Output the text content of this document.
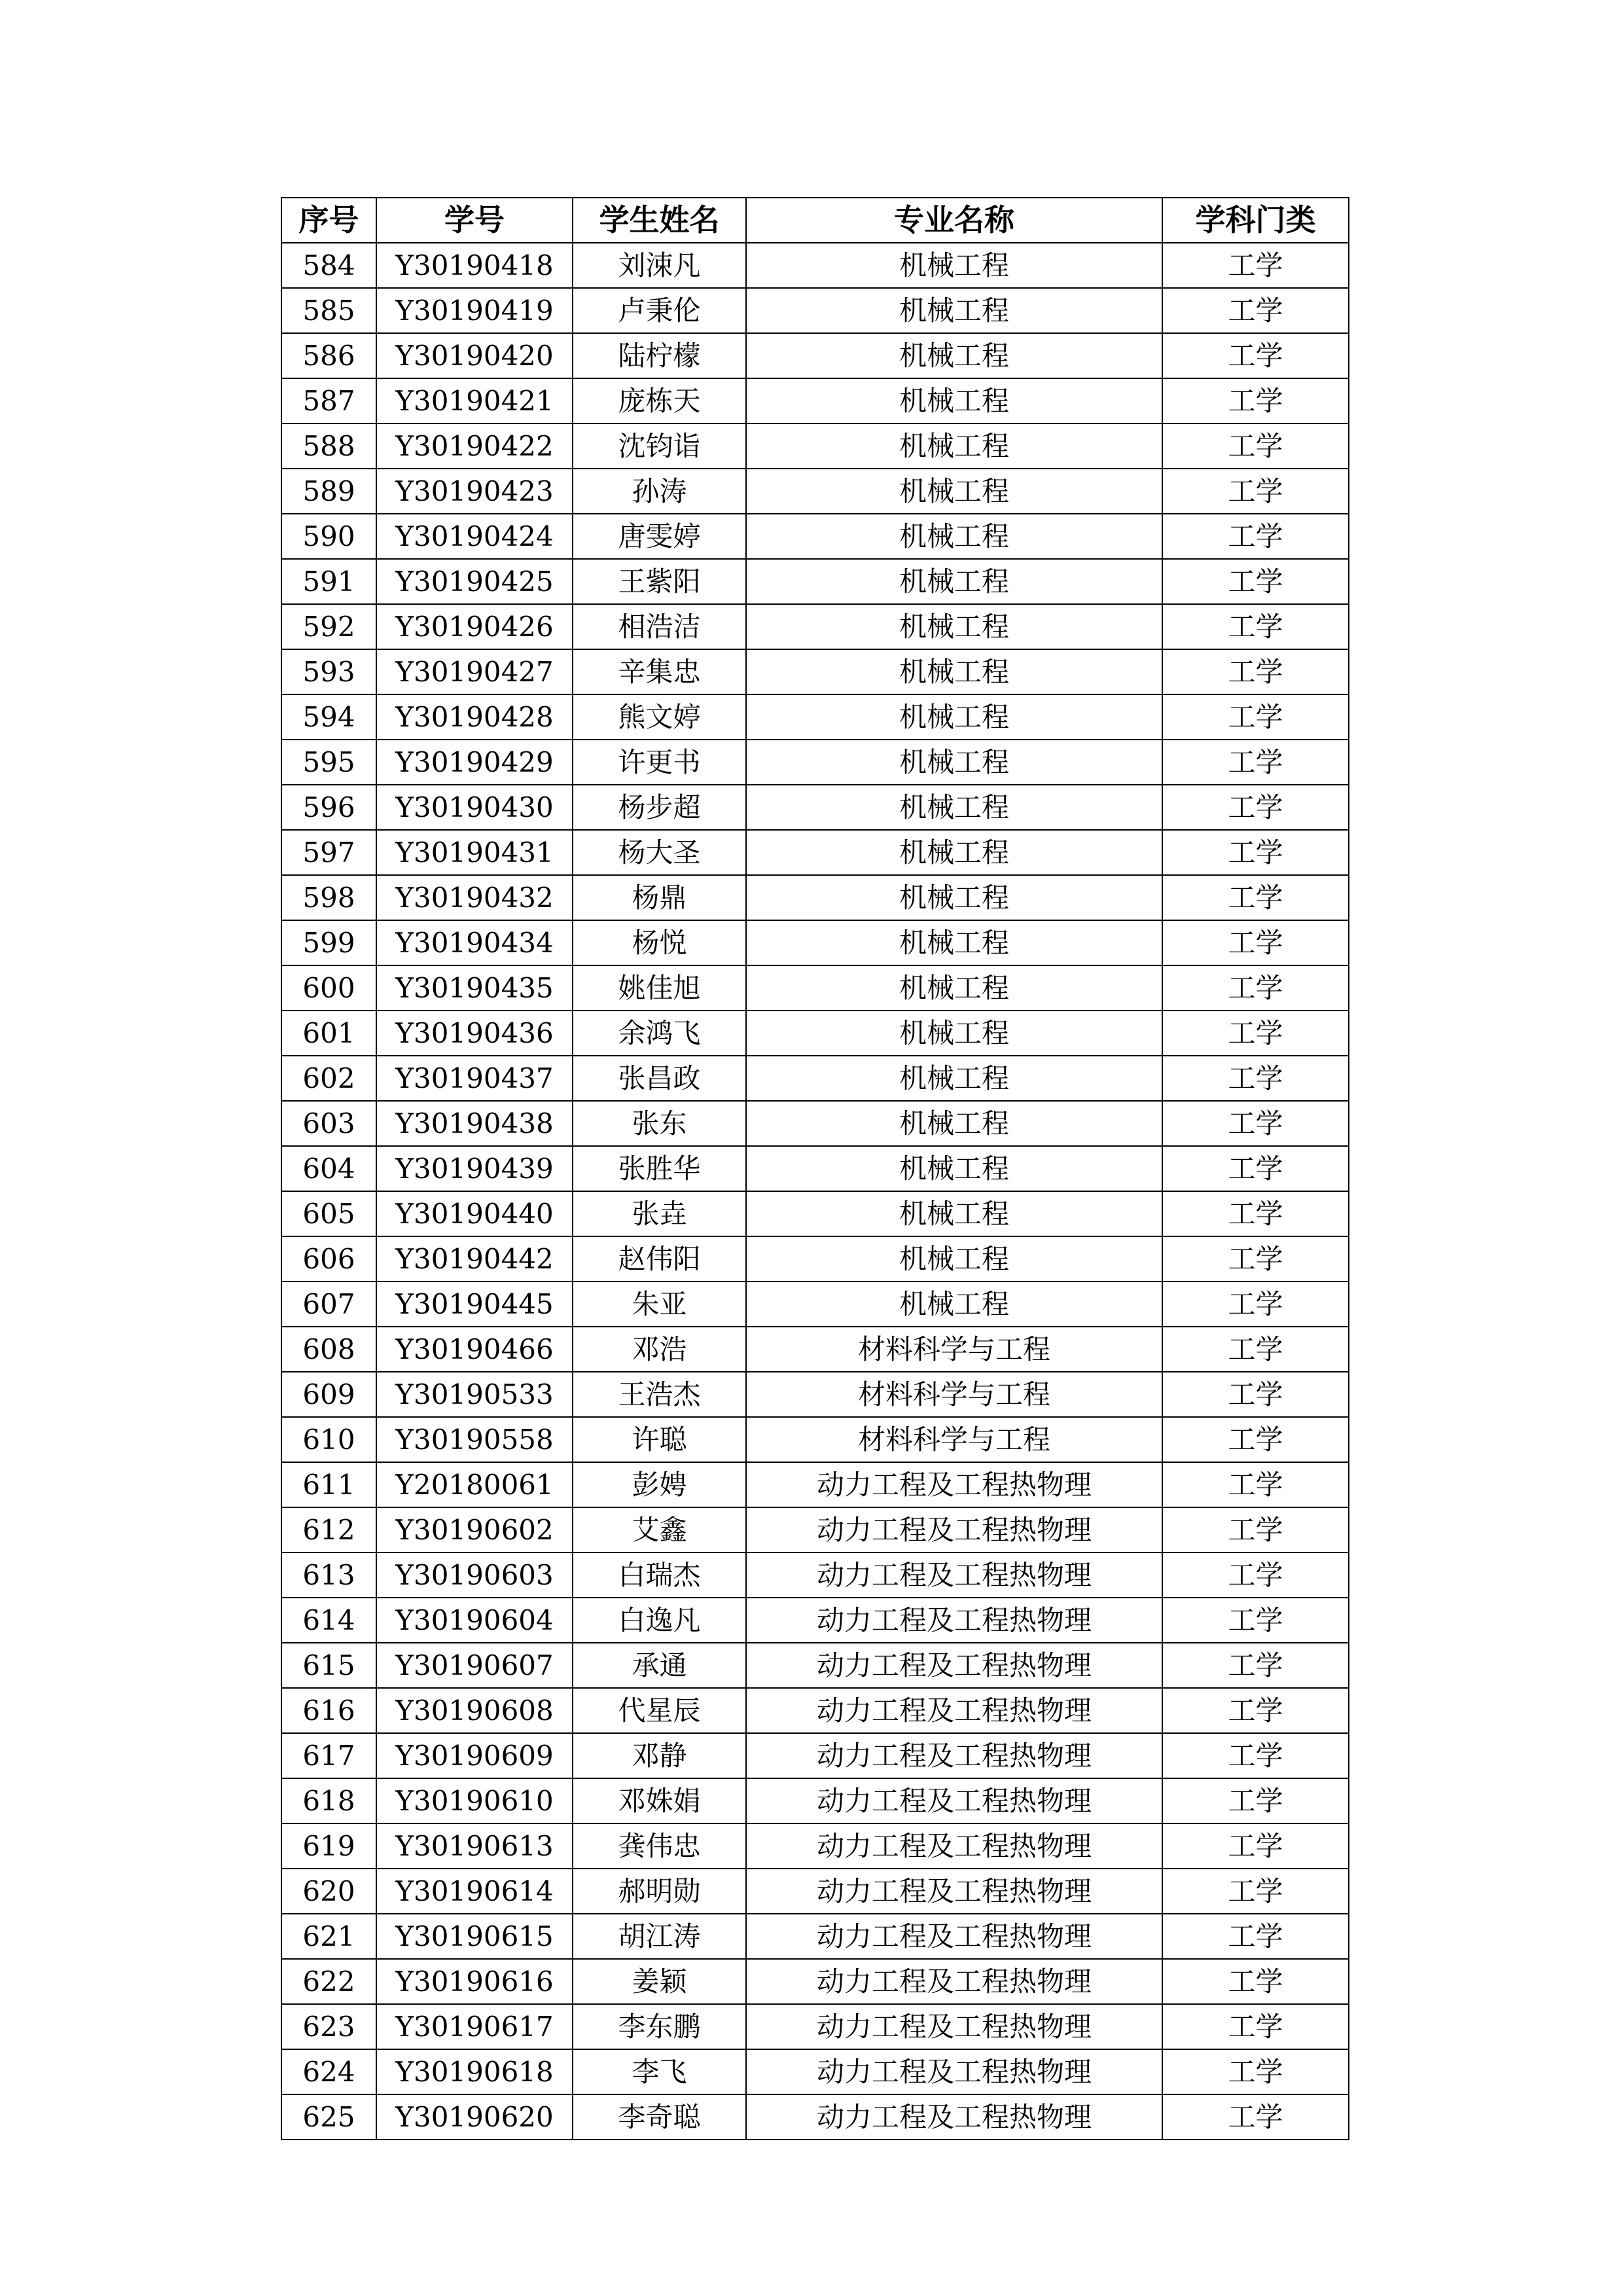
序号	学号	学生姓名	专业名称	学科门类
584	Y30190418	刘涑凡	机械工程	工学
585	Y30190419	卢秉伦	机械工程	工学
586	Y30190420	陆柠檬	机械工程	工学
587	Y30190421	庞栋天	机械工程	工学
588	Y30190422	沈钧诣	机械工程	工学
589	Y30190423	孙涛	机械工程	工学
590	Y30190424	唐雯婷	机械工程	工学
591	Y30190425	王紫阳	机械工程	工学
592	Y30190426	相浩洁	机械工程	工学
593	Y30190427	辛集忠	机械工程	工学
594	Y30190428	熊文婷	机械工程	工学
595	Y30190429	许更书	机械工程	工学
596	Y30190430	杨步超	机械工程	工学
597	Y30190431	杨大圣	机械工程	工学
598	Y30190432	杨鼎	机械工程	工学
599	Y30190434	杨悦	机械工程	工学
600	Y30190435	姚佳旭	机械工程	工学
601	Y30190436	余鸿飞	机械工程	工学
602	Y30190437	张昌政	机械工程	工学
603	Y30190438	张东	机械工程	工学
604	Y30190439	张胜华	机械工程	工学
605	Y30190440	张垚	机械工程	工学
606	Y30190442	赵伟阳	机械工程	工学
607	Y30190445	朱亚	机械工程	工学
608	Y30190466	邓浩	材料科学与工程	工学
609	Y30190533	王浩杰	材料科学与工程	工学
610	Y30190558	许聪	材料科学与工程	工学
611	Y20180061	彭娉	动力工程及工程热物理	工学
612	Y30190602	艾鑫	动力工程及工程热物理	工学
613	Y30190603	白瑞杰	动力工程及工程热物理	工学
614	Y30190604	白逸凡	动力工程及工程热物理	工学
615	Y30190607	承通	动力工程及工程热物理	工学
616	Y30190608	代星辰	动力工程及工程热物理	工学
617	Y30190609	邓静	动力工程及工程热物理	工学
618	Y30190610	邓姝娟	动力工程及工程热物理	工学
619	Y30190613	龚伟忠	动力工程及工程热物理	工学
620	Y30190614	郝明勋	动力工程及工程热物理	工学
621	Y30190615	胡江涛	动力工程及工程热物理	工学
622	Y30190616	姜颖	动力工程及工程热物理	工学
623	Y30190617	李东鹏	动力工程及工程热物理	工学
624	Y30190618	李飞	动力工程及工程热物理	工学
625	Y30190620	李奇聪	动力工程及工程热物理	工学
